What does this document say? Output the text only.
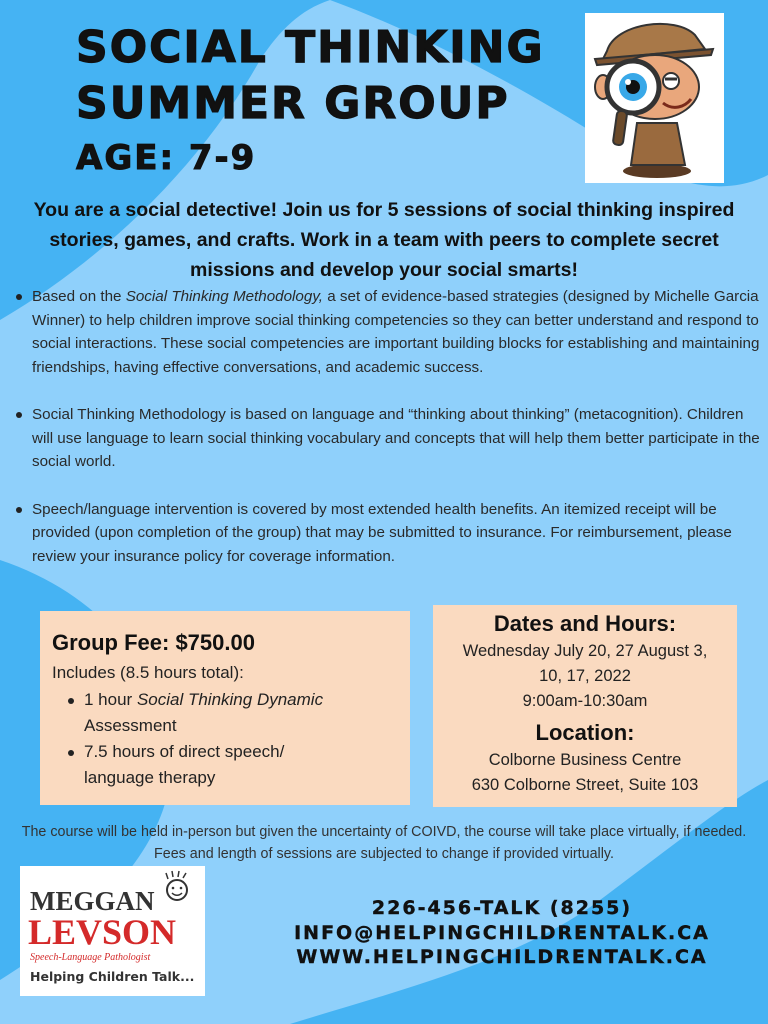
SOCIAL THINKING
SUMMER GROUP
AGE: 7-9
You are a social detective! Join us for 5 sessions of social thinking inspired stories, games, and crafts. Work in a team with peers to complete secret missions and develop your social smarts!
Based on the Social Thinking Methodology, a set of evidence-based strategies (designed by Michelle Garcia Winner) to help children improve social thinking competencies so they can better understand and respond to social interactions. These social competencies are important building blocks for establishing and maintaining friendships, having effective conversations, and academic success.
Social Thinking Methodology is based on language and “thinking about thinking” (metacognition). Children will use language to learn social thinking vocabulary and concepts that will help them better participate in the social world.
Speech/language intervention is covered by most extended health benefits. An itemized receipt will be provided (upon completion of the group) that may be submitted to insurance. For reimbursement, please review your insurance policy for coverage information.
Group Fee: $750.00
Includes (8.5 hours total):
1 hour Social Thinking Dynamic
Assessment
7.5 hours of direct speech/
language therapy
Dates and Hours:
Wednesday July 20, 27 August 3,
10, 17, 2022
9:00am-10:30am
Location:
Colborne Business Centre
630 Colborne Street, Suite 103
The course will be held in-person but given the uncertainty of COIVD, the course will take place virtually, if needed. Fees and length of sessions are subjected to change if provided virtually.
MEGGAN
LEVSON
Speech-Language Pathologist
Helping Children Talk...
226-456-TALK (8255)
INFO@HELPINGCHILDRENTALK.CA
WWW.HELPINGCHILDRENTALK.CA
